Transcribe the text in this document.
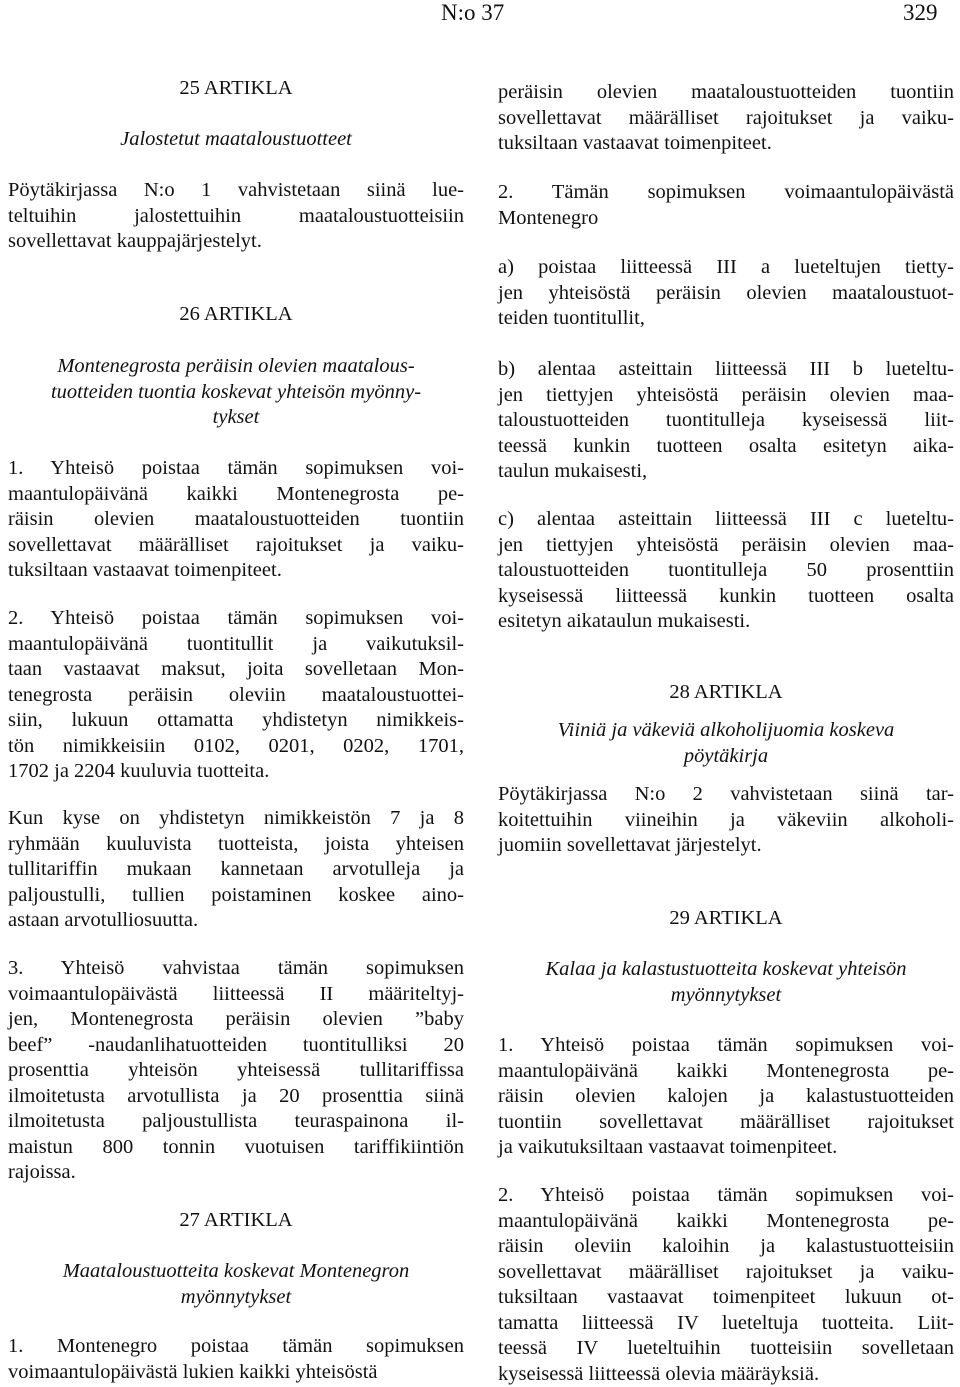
N:o 37	329
25 ARTIKLA
Jalostetut maataloustuotteet
Pöytäkirjassa N:o 1 vahvistetaan siinä lue-
teltuihin jalostettuihin maataloustuotteisiin
sovellettavat kauppajärjestelyt.
26 ARTIKLA
Montenegrosta peräisin olevien maatalous-
tuotteiden tuontia koskevat yhteisön myönny-
tykset
1. Yhteisö poistaa tämän sopimuksen voi-
maantulopäivänä kaikki Montenegrosta pe-
räisin olevien maataloustuotteiden tuontiin
sovellettavat määrälliset rajoitukset ja vaiku-
tuksiltaan vastaavat toimenpiteet.
2. Yhteisö poistaa tämän sopimuksen voi-
maantulopäivänä tuontitullit ja vaikutuksil-
taan vastaavat maksut, joita sovelletaan Mon-
tenegrosta peräisin oleviin maataloustuottei-
siin, lukuun ottamatta yhdistetyn nimikkeis-
tön nimikkeisiin 0102, 0201, 0202, 1701,
1702 ja 2204 kuuluvia tuotteita.
Kun kyse on yhdistetyn nimikkeistön 7 ja 8
ryhmään kuuluvista tuotteista, joista yhteisen
tullitariffin mukaan kannetaan arvotulleja ja
paljoustulli, tullien poistaminen koskee aino-
astaan arvotulliosuutta.
3. Yhteisö vahvistaa tämän sopimuksen
voimaantulopäivästä liitteessä II määriteltyj-
jen, Montenegrosta peräisin olevien ”baby
beef” -naudanlihatuotteiden tuontitulliksi 20
prosenttia yhteisön yhteisessä tullitariffissa
ilmoitetusta arvotullista ja 20 prosenttia siinä
ilmoitetusta paljoustullista teuraspainona il-
maistun 800 tonnin vuotuisen tariffikiintiön
rajoissa.
27 ARTIKLA
Maataloustuotteita koskevat Montenegron
myönnytykset
1. Montenegro poistaa tämän sopimuksen
voimaantulopäivästä lukien kaikki yhteisöstä
peräisin olevien maataloustuotteiden tuontiin
sovellettavat määrälliset rajoitukset ja vaiku-
tuksiltaan vastaavat toimenpiteet.
2. Tämän sopimuksen voimaantulopäivästä
Montenegro
a) poistaa liitteessä III a lueteltujen tietty-
jen yhteisöstä peräisin olevien maataloustuot-
teiden tuontitullit,
b) alentaa asteittain liitteessä III b lueteltu-
jen tiettyjen yhteisöstä peräisin olevien maa-
taloustuotteiden tuontitulleja kyseisessä liit-
teessä kunkin tuotteen osalta esitetyn aika-
taulun mukaisesti,
c) alentaa asteittain liitteessä III c lueteltu-
jen tiettyjen yhteisöstä peräisin olevien maa-
taloustuotteiden tuontitulleja 50 prosenttiin
kyseisessä liitteessä kunkin tuotteen osalta
esitetyn aikataulun mukaisesti.
28 ARTIKLA
Viiniä ja väkeviä alkoholijuomia koskeva
pöytäkirja
Pöytäkirjassa N:o 2 vahvistetaan siinä tar-
koitettuihin viineihin ja väkeviin alkoholi-
juomiin sovellettavat järjestelyt.
29 ARTIKLA
Kalaa ja kalastustuotteita koskevat yhteisön
myönnytykset
1. Yhteisö poistaa tämän sopimuksen voi-
maantulopäivänä kaikki Montenegrosta pe-
räisin olevien kalojen ja kalastustuotteiden
tuontiin sovellettavat määrälliset rajoitukset
ja vaikutuksiltaan vastaavat toimenpiteet.
2. Yhteisö poistaa tämän sopimuksen voi-
maantulopäivänä kaikki Montenegrosta pe-
räisin oleviin kaloihin ja kalastustuotteisiin
sovellettavat määrälliset rajoitukset ja vaiku-
tuksiltaan vastaavat toimenpiteet lukuun ot-
tamatta liitteessä IV lueteltuja tuotteita. Liit-
teessä IV lueteltuihin tuotteisiin sovelletaan
kyseisessä liitteessä olevia määräyksiä.
